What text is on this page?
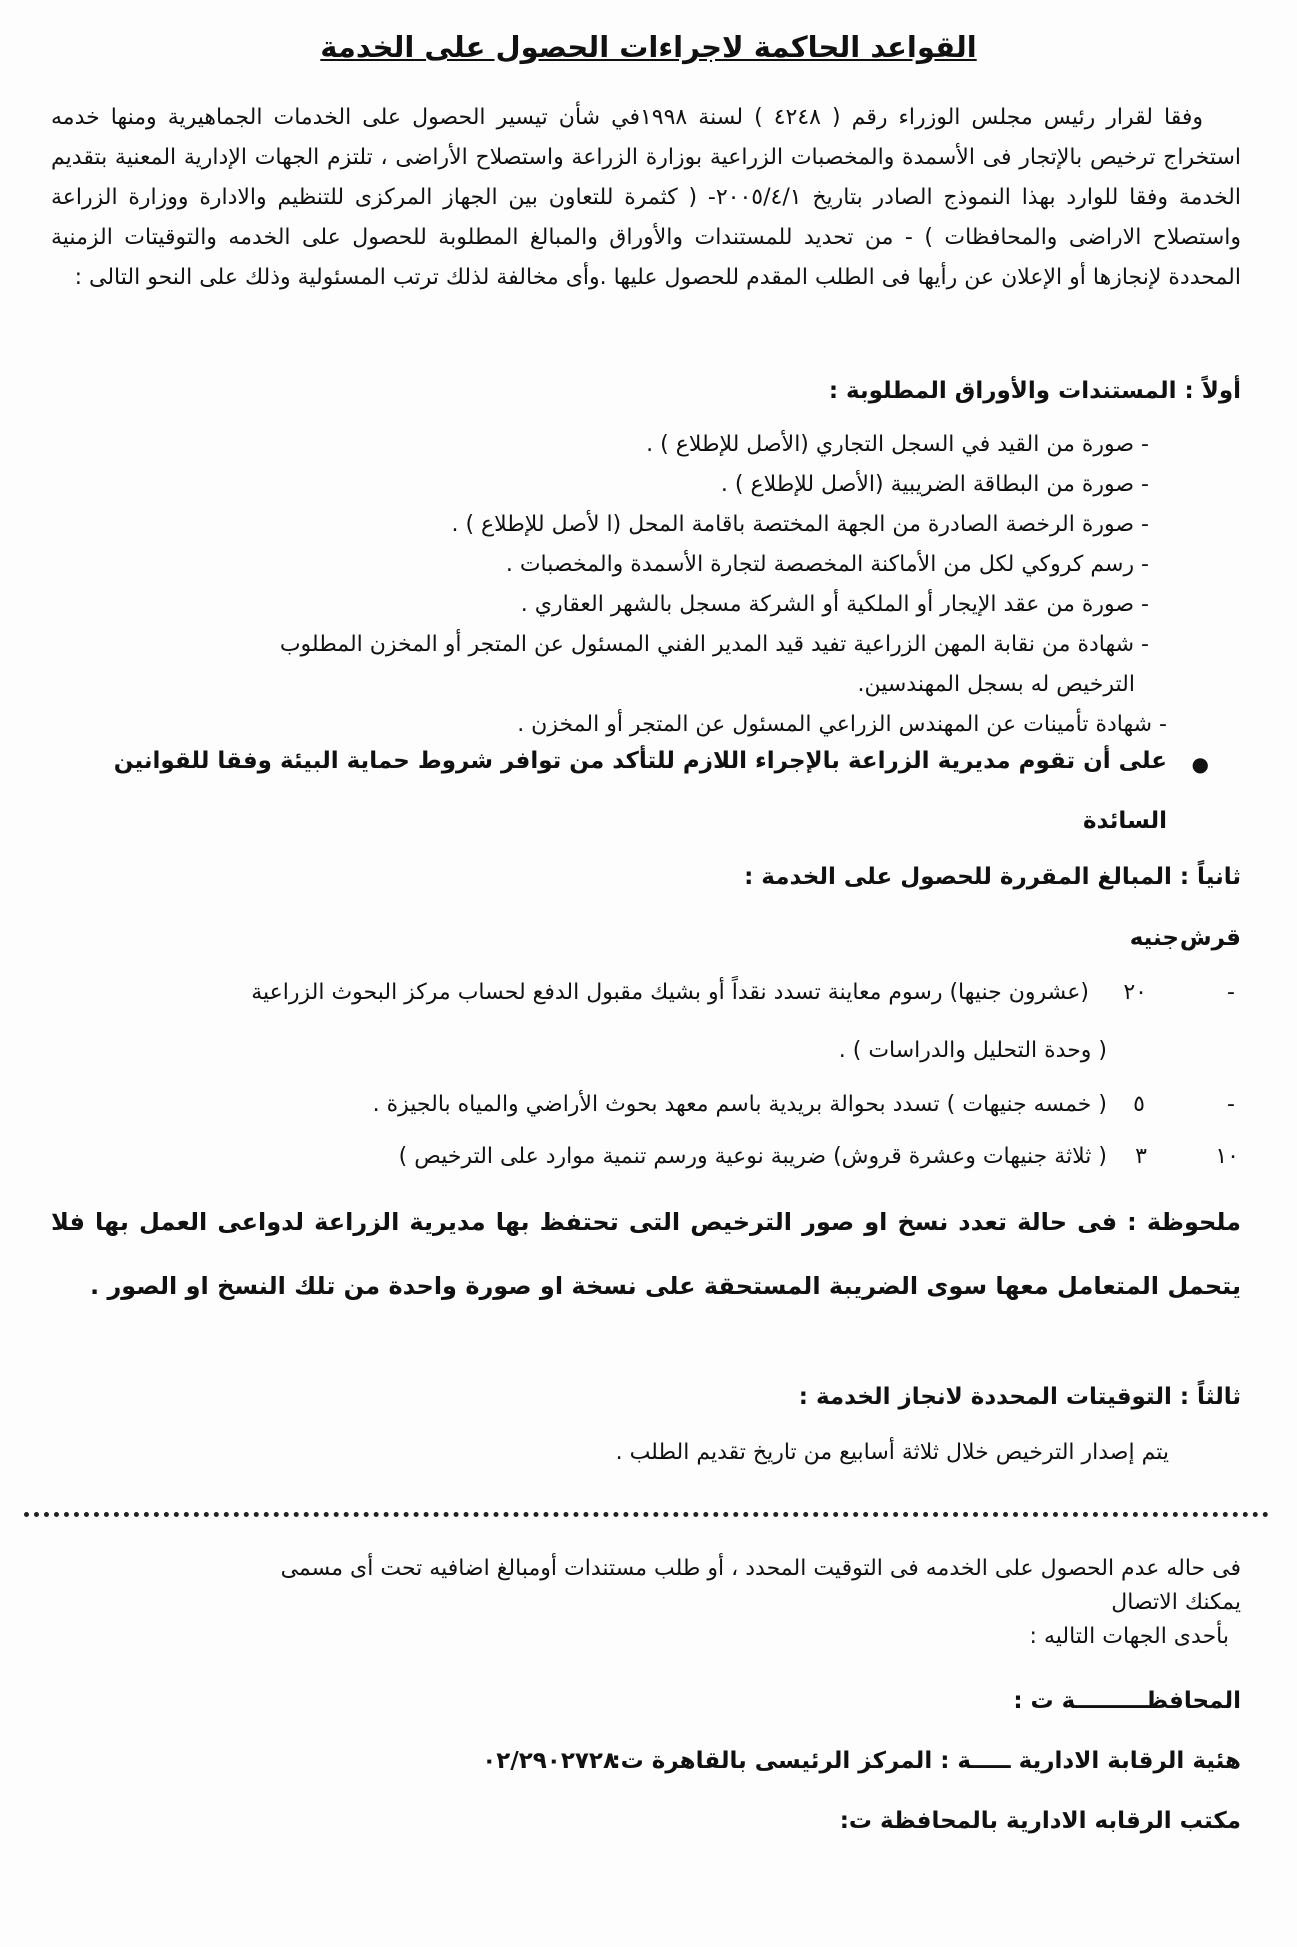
القواعد الحاكمة لاجراءات الحصول على الخدمة
وفقا لقرار رئيس مجلس الوزراء رقم ( ٤٢٤٨ ) لسنة ١٩٩٨في شأن تيسير الحصول على الخدمات الجماهيرية ومنها خدمه استخراج ترخيص بالإتجار فى الأسمدة والمخصبات الزراعية بوزارة الزراعة واستصلاح الأراضى ، تلتزم الجهات الإدارية المعنية بتقديم الخدمة وفقا للوارد بهذا النموذج الصادر بتاريخ ٢٠٠٥/٤/١- ( كثمرة للتعاون بين الجهاز المركزى للتنظيم والادارة ووزارة الزراعة واستصلاح الاراضى والمحافظات ) - من تحديد للمستندات والأوراق والمبالغ المطلوبة للحصول على الخدمه والتوقيتات الزمنية المحددة لإنجازها أو الإعلان عن رأيها فى الطلب المقدم للحصول عليها .وأى مخالفة لذلك ترتب المسئولية وذلك على النحو التالى :
أولاً : المستندات والأوراق المطلوبة :
- صورة من القيد في السجل التجاري (الأصل للإطلاع ) .
- صورة من البطاقة الضريبية (الأصل للإطلاع ) .
- صورة الرخصة الصادرة من الجهة المختصة باقامة المحل (ا لأصل للإطلاع ) .
- رسم كروكي لكل من الأماكنة المخصصة لتجارة الأسمدة والمخصبات .
- صورة من عقد الإيجار أو الملكية أو الشركة مسجل بالشهر العقاري .
- شهادة من نقابة المهن الزراعية تفيد قيد المدير الفني المسئول عن المتجر أو المخزن المطلوب
الترخيص له بسجل المهندسين.
- شهادة تأمينات عن المهندس الزراعي المسئول عن المتجر أو المخزن .
●
على أن تقوم مديرية الزراعة بالإجراء اللازم للتأكد من توافر شروط حماية البيئة وفقا للقوانين
السائدة
ثانياً : المبالغ المقررة للحصول على الخدمة :
قرش
جنيه
-
٢٠
(عشرون جنيها) رسوم معاينة تسدد نقداً أو بشيك مقبول الدفع لحساب مركز البحوث الزراعية
( وحدة التحليل والدراسات ) .
-
٥
( خمسه جنيهات ) تسدد بحوالة بريدية باسم معهد بحوث الأراضي والمياه بالجيزة .
١٠
٣
( ثلاثة جنيهات وعشرة قروش) ضريبة نوعية ورسم تنمية موارد على الترخيص )
ملحوظة : فى حالة تعدد نسخ او صور الترخيص التى تحتفظ بها مديرية الزراعة لدواعى العمل بها فلا يتحمل المتعامل معها سوى الضريبة المستحقة على نسخة او صورة واحدة من تلك النسخ او الصور .
ثالثاً : التوقيتات المحددة لانجاز الخدمة :
يتم إصدار الترخيص خلال ثلاثة أسابيع من تاريخ تقديم الطلب .
فى حاله عدم الحصول على الخدمه فى التوقيت المحدد ، أو طلب مستندات أومبالغ اضافيه تحت أى مسمى
يمكنك الاتصال
بأحدى الجهات التاليه :
المحافظـــــــــة ت :
هئية الرقابة الادارية ـــــة : المركز الرئيسى بالقاهرة ت:
٠٢/٢٩٠٢٧٢٨
مكتب الرقابه الادارية بالمحافظة ت:
